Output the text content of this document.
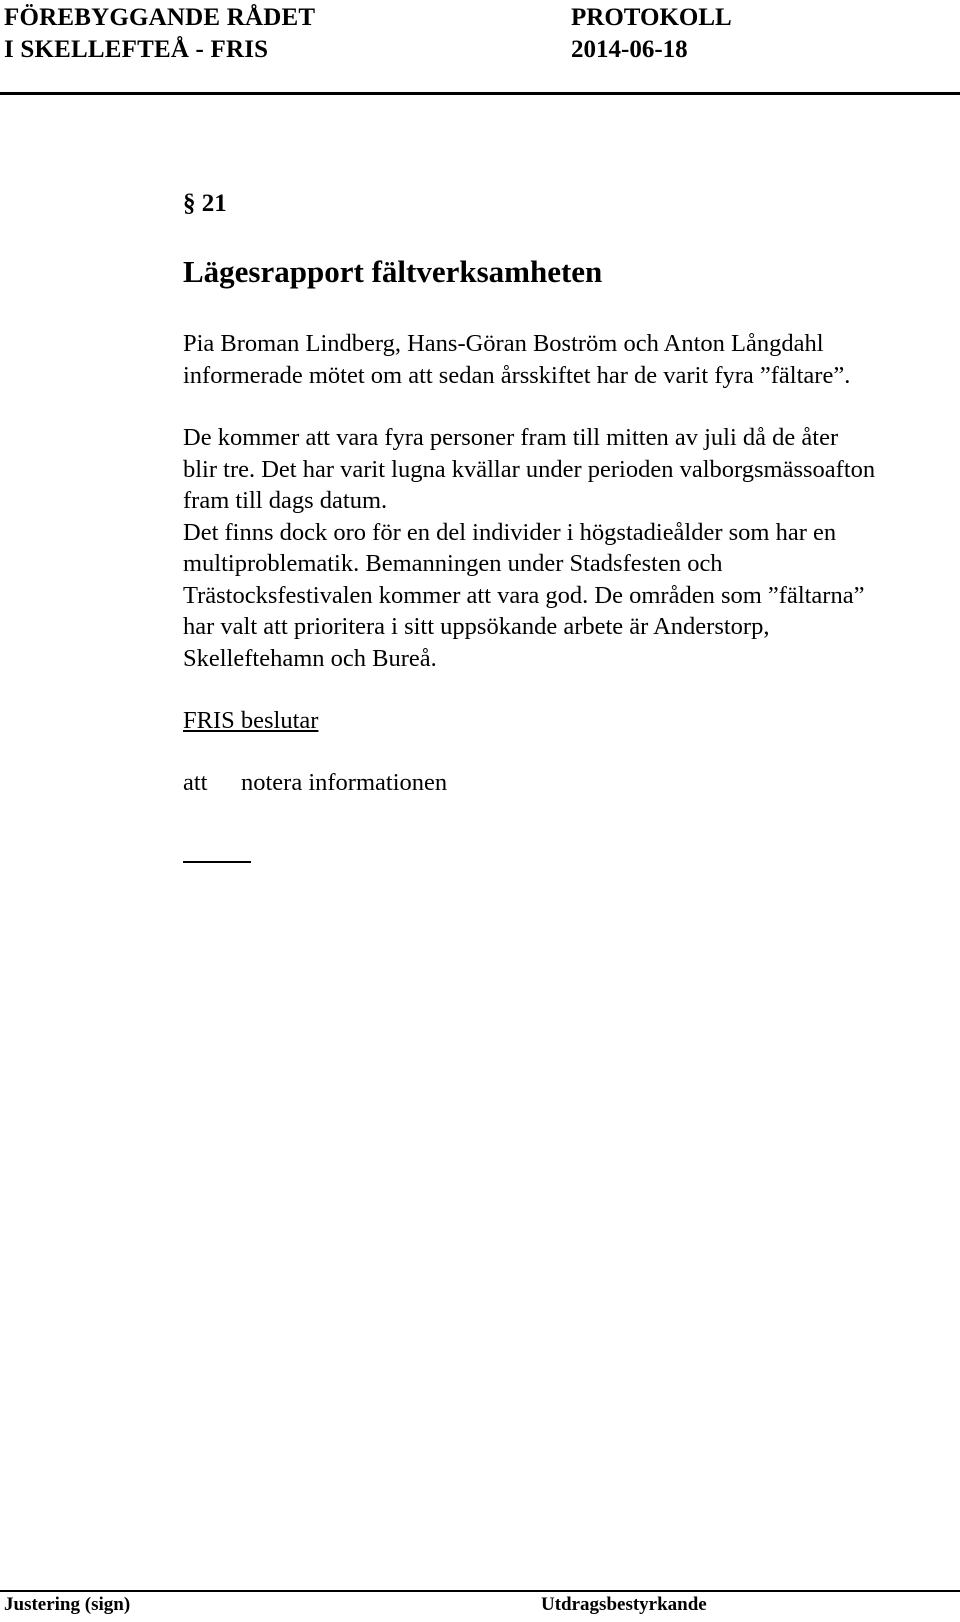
FÖREBYGGANDE RÅDET
I SKELLEFTEÅ - FRIS
PROTOKOLL
2014-06-18
§ 21
Lägesrapport fältverksamheten
Pia Broman Lindberg, Hans-Göran Boström och Anton Långdahl
informerade mötet om att sedan årsskiftet har de varit fyra ”fältare”.
De kommer att vara fyra personer fram till mitten av juli då de åter
blir tre. Det har varit lugna kvällar under perioden valborgsmässoafton
fram till dags datum.
Det finns dock oro för en del individer i högstadieålder som har en
multiproblematik. Bemanningen under Stadsfesten och
Trästocksfestivalen kommer att vara god. De områden som ”fältarna”
har valt att prioritera i sitt uppsökande arbete är Anderstorp,
Skelleftehamn och Bureå.
FRIS beslutar
att notera informationen
Justering (sign)	Utdragsbestyrkande
